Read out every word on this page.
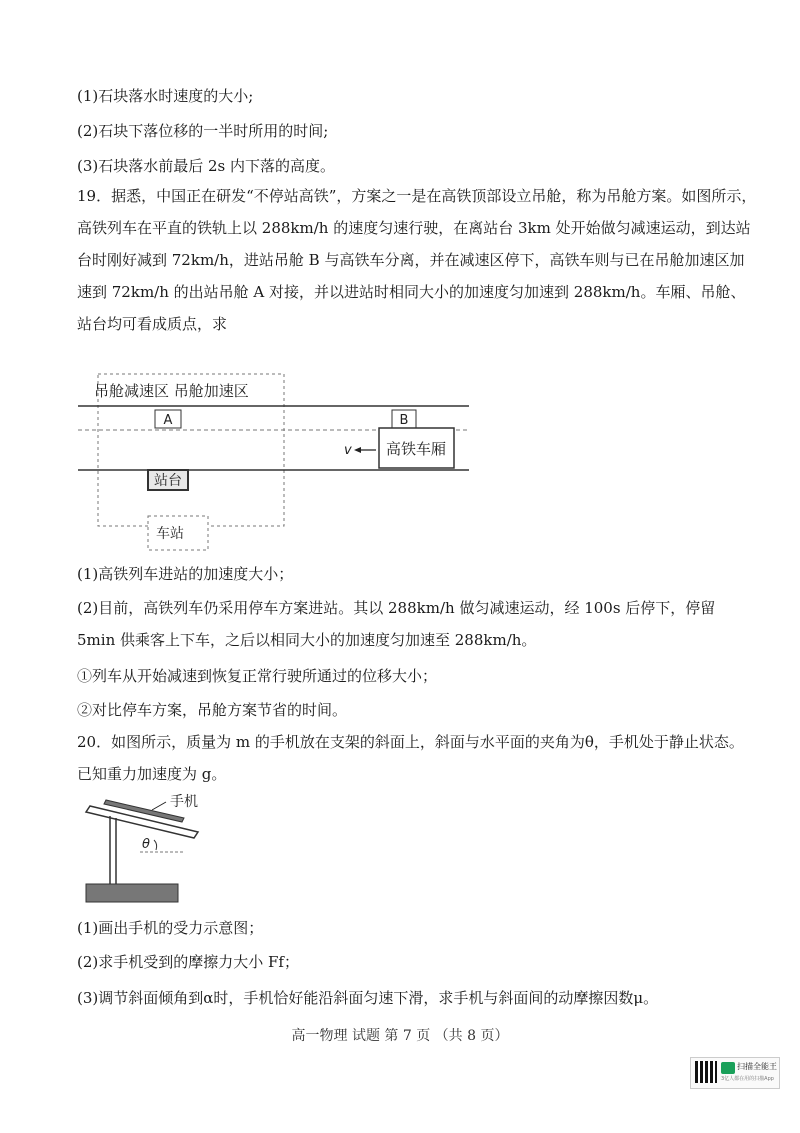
(1)石块落水时速度的大小;
(2)石块下落位移的一半时所用的时间;
(3)石块落水前最后 2s 内下落的高度。
19．据悉，中国正在研发“不停站高铁”，方案之一是在高铁顶部设立吊舱，称为吊舱方案。如图所示，高铁列车在平直的铁轨上以 288km/h 的速度匀速行驶，在离站台 3km 处开始做匀减速运动，到达站台时刚好减到 72km/h，进站吊舱 B 与高铁车分离，并在减速区停下，高铁车则与已在吊舱加速区加速到 72km/h 的出站吊舱 A 对接，并以进站时相同大小的加速度匀加速到 288km/h。车厢、吊舱、站台均可看成质点，求
吊舱减速区 吊舱加速区
A	B
高铁车厢
v
站台
车站
(1)高铁列车进站的加速度大小；
(2)目前，高铁列车仍采用停车方案进站。其以 288km/h 做匀减速运动，经 100s 后停下，停留 5min 供乘客上下车，之后以相同大小的加速度匀加速至 288km/h。
①列车从开始减速到恢复正常行驶所通过的位移大小；
②对比停车方案，吊舱方案节省的时间。
20．如图所示，质量为 m 的手机放在支架的斜面上，斜面与水平面的夹角为θ，手机处于静止状态。已知重力加速度为 g。
手机
θ
(1)画出手机的受力示意图；
(2)求手机受到的摩擦力大小 Ff；
(3)调节斜面倾角到α时，手机恰好能沿斜面匀速下滑，求手机与斜面间的动摩擦因数μ。
高一物理 试题 第 7 页 （共 8 页）
扫描全能王
3亿人都在用的扫描App
